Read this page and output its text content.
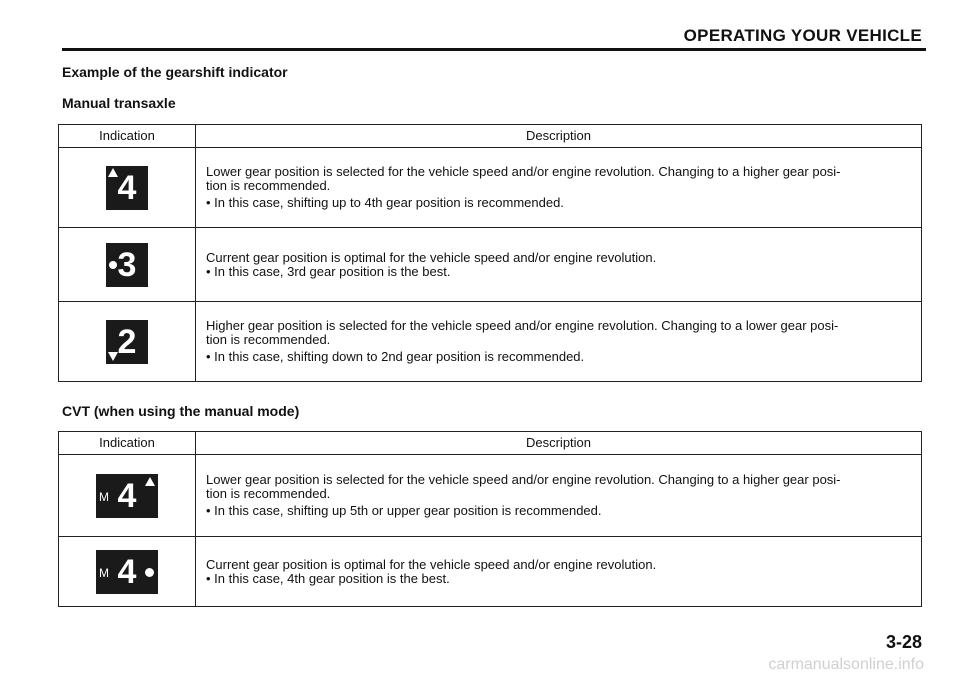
OPERATING YOUR VEHICLE
Example of the gearshift indicator
Manual transaxle
Indication	Description

4	Lower gear position is selected for the vehicle speed and/or engine revolution. Changing to a higher gear posi-
tion is recommended.
• In this case, shifting up to 4th gear position is recommended.

3	Current gear position is optimal for the vehicle speed and/or engine revolution.
• In this case, 3rd gear position is the best.

2	Higher gear position is selected for the vehicle speed and/or engine revolution. Changing to a lower gear posi-
tion is recommended.
• In this case, shifting down to 2nd gear position is recommended.
CVT (when using the manual mode)
Indication	Description

M 4	Lower gear position is selected for the vehicle speed and/or engine revolution. Changing to a higher gear posi-
tion is recommended.
• In this case, shifting up 5th or upper gear position is recommended.

M 4	Current gear position is optimal for the vehicle speed and/or engine revolution.
• In this case, 4th gear position is the best.
3-28
carmanualsonline.info
